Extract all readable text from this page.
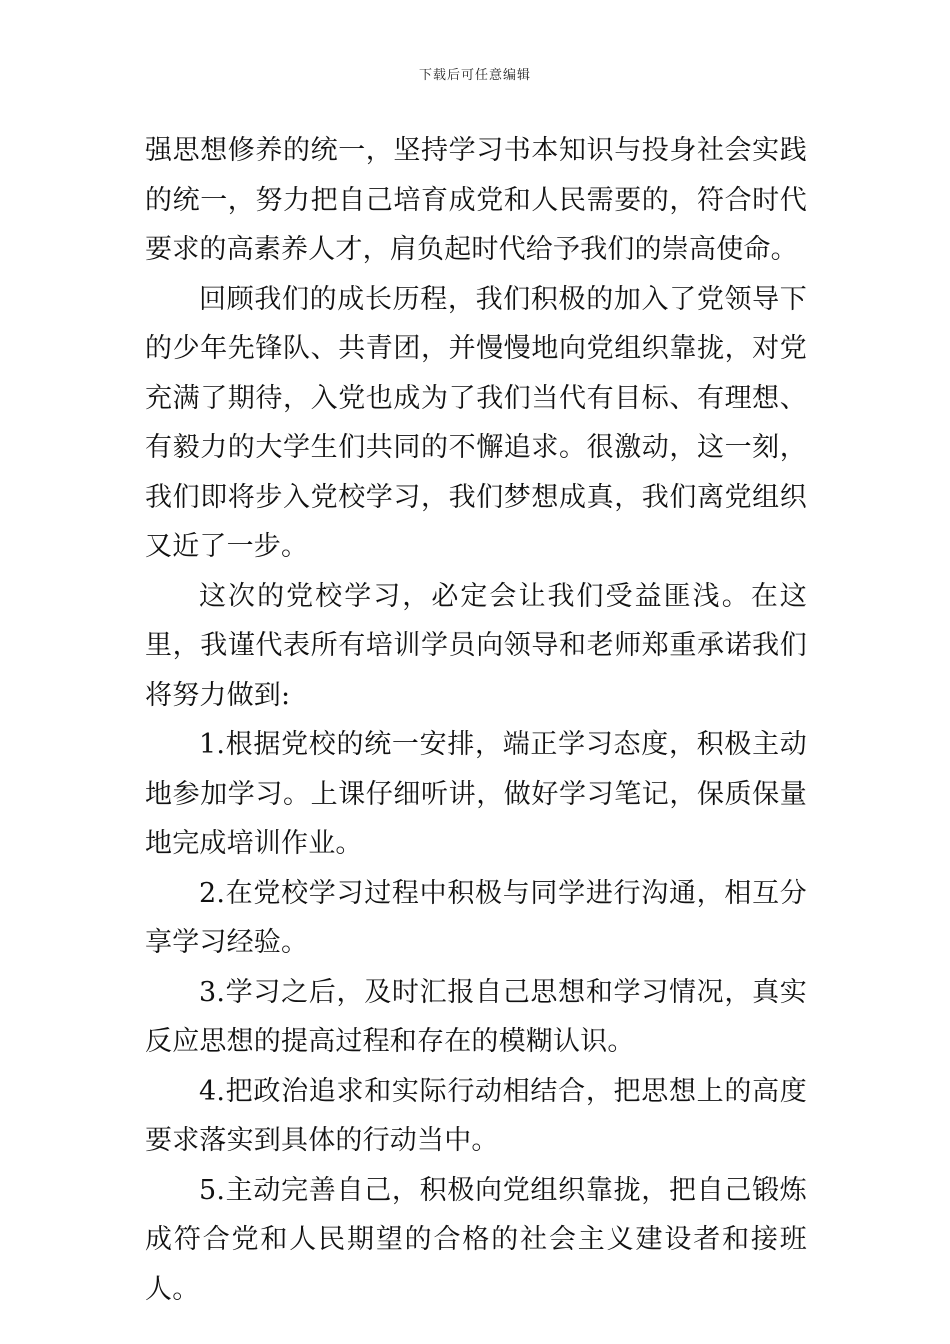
下载后可任意编辑

强思想修养的统一，坚持学习书本知识与投身社会实践的统一，努力把自己培育成党和人民需要的，符合时代要求的高素养人才，肩负起时代给予我们的崇高使命。

回顾我们的成长历程，我们积极的加入了党领导下的少年先锋队、共青团，并慢慢地向党组织靠拢，对党充满了期待，入党也成为了我们当代有目标、有理想、有毅力的大学生们共同的不懈追求。很激动，这一刻，我们即将步入党校学习，我们梦想成真，我们离党组织又近了一步。

这次的党校学习，必定会让我们受益匪浅。在这里，我谨代表所有培训学员向领导和老师郑重承诺我们将努力做到:

1.根据党校的统一安排，端正学习态度，积极主动地参加学习。上课仔细听讲，做好学习笔记，保质保量地完成培训作业。

2.在党校学习过程中积极与同学进行沟通，相互分享学习经验。

3.学习之后，及时汇报自己思想和学习情况，真实反应思想的提高过程和存在的模糊认识。

4.把政治追求和实际行动相结合，把思想上的高度要求落实到具体的行动当中。

5.主动完善自己，积极向党组织靠拢，把自己锻炼成符合党和人民期望的合格的社会主义建设者和接班人。
